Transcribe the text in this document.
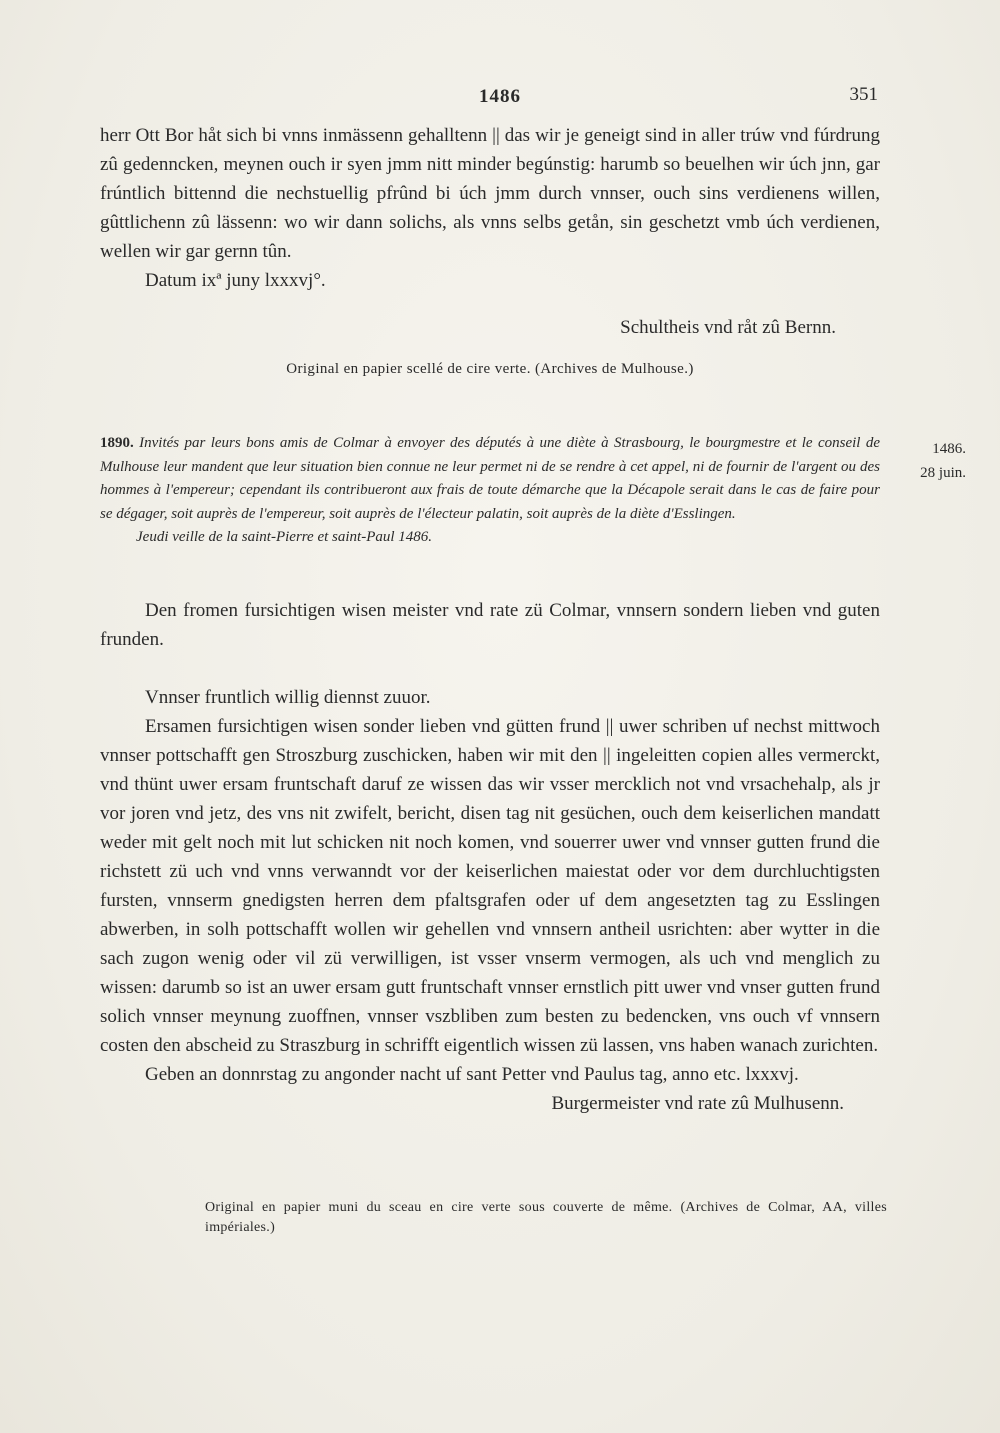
1486	351

herr Ott Bor håt sich bi vnns inmässenn gehalltenn || das wir je geneigt sind in aller trúw vnd fúrdrung zû gedenncken, meynen ouch ir syen jmm nitt minder begúnstig: harumb so beuelhen wir úch jnn, gar frúntlich bittennd die nechstuellig pfrûnd bi úch jmm durch vnnser, ouch sins verdienens willen, gûttlichenn zû lässenn: wo wir dann solichs, als vnns selbs getån, sin geschetzt vmb úch verdienen, wellen wir gar gernn tûn.

Datum ixª juny lxxxvj°.

Schultheis vnd råt zû Bernn.

Original en papier scellé de cire verte. (Archives de Mulhouse.)

1890. Invités par leurs bons amis de Colmar à envoyer des députés à une diète à Strasbourg, le bourgmestre et le conseil de Mulhouse leur mandent que leur situation bien connue ne leur permet ni de se rendre à cet appel, ni de fournir de l'argent ou des hommes à l'empereur; cependant ils contribueront aux frais de toute démarche que la Décapole serait dans le cas de faire pour se dégager, soit auprès de l'empereur, soit auprès de l'électeur palatin, soit auprès de la diète d'Esslingen.

Jeudi veille de la saint-Pierre et saint-Paul 1486.

1486.
28 juin.

Den fromen fursichtigen wisen meister vnd rate zü Colmar, vnnsern sondern lieben vnd guten frunden.

Vnnser fruntlich willig diennst zuuor.

Ersamen fursichtigen wisen sonder lieben vnd gütten frund || uwer schriben uf nechst mittwoch vnnser pottschafft gen Stroszburg zuschicken, haben wir mit den || ingeleitten copien alles vermerckt, vnd thünt uwer ersam fruntschaft daruf ze wissen das wir vsser mercklich not vnd vrsachehalp, als jr vor joren vnd jetz, des vns nit zwifelt, bericht, disen tag nit gesüchen, ouch dem keiserlichen mandatt weder mit gelt noch mit lut schicken nit noch komen, vnd souerrer uwer vnd vnnser gutten frund die richstett zü uch vnd vnns verwanndt vor der keiserlichen maiestat oder vor dem durchluchtigsten fursten, vnnserm gnedigsten herren dem pfaltsgrafen oder uf dem angesetzten tag zu Esslingen abwerben, in solh pottschafft wollen wir gehellen vnd vnnsern antheil usrichten: aber wytter in die sach zugon wenig oder vil zü verwilligen, ist vsser vnserm vermogen, als uch vnd menglich zu wissen: darumb so ist an uwer ersam gutt fruntschaft vnnser ernstlich pitt uwer vnd vnser gutten frund solich vnnser meynung zuoffnen, vnnser vszbliben zum besten zu bedencken, vns ouch vf vnnsern costen den abscheid zu Straszburg in schrifft eigentlich wissen zü lassen, vns haben wanach zurichten.

Geben an donnrstag zu angonder nacht uf sant Petter vnd Paulus tag, anno etc. lxxxvj.

Burgermeister vnd rate zû Mulhusenn.

Original en papier muni du sceau en cire verte sous couverte de même. (Archives de Colmar, AA, villes impériales.)
